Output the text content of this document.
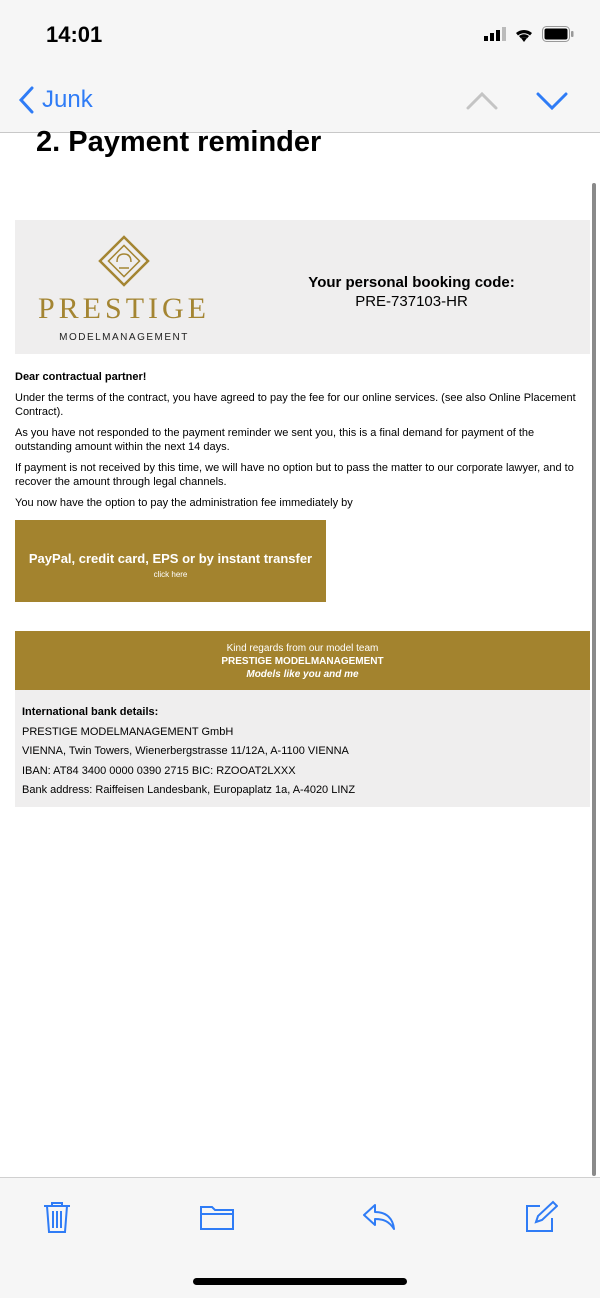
14:01
Junk
2. Payment reminder
PRESTIGE
MODELMANAGEMENT
Your personal booking code:
PRE-737103-HR

Dear contractual partner!

Under the terms of the contract, you have agreed to pay the fee for our online services. (see also Online Placement Contract).

As you have not responded to the payment reminder we sent you, this is a final demand for payment of the outstanding amount within the next 14 days.

If payment is not received by this time, we will have no option but to pass the matter to our corporate lawyer, and to recover the amount through legal channels.

You now have the option to pay the administration fee immediately by

PayPal, credit card, EPS or by instant transfer
click here
Kind regards from our model team
PRESTIGE MODELMANAGEMENT
Models like you and me
International bank details:
PRESTIGE MODELMANAGEMENT GmbH
VIENNA, Twin Towers, Wienerbergstrasse 11/12A, A-1100 VIENNA
IBAN: AT84 3400 0000 0390 2715 BIC: RZOOAT2LXXX
Bank address: Raiffeisen Landesbank, Europaplatz 1a, A-4020 LINZ
